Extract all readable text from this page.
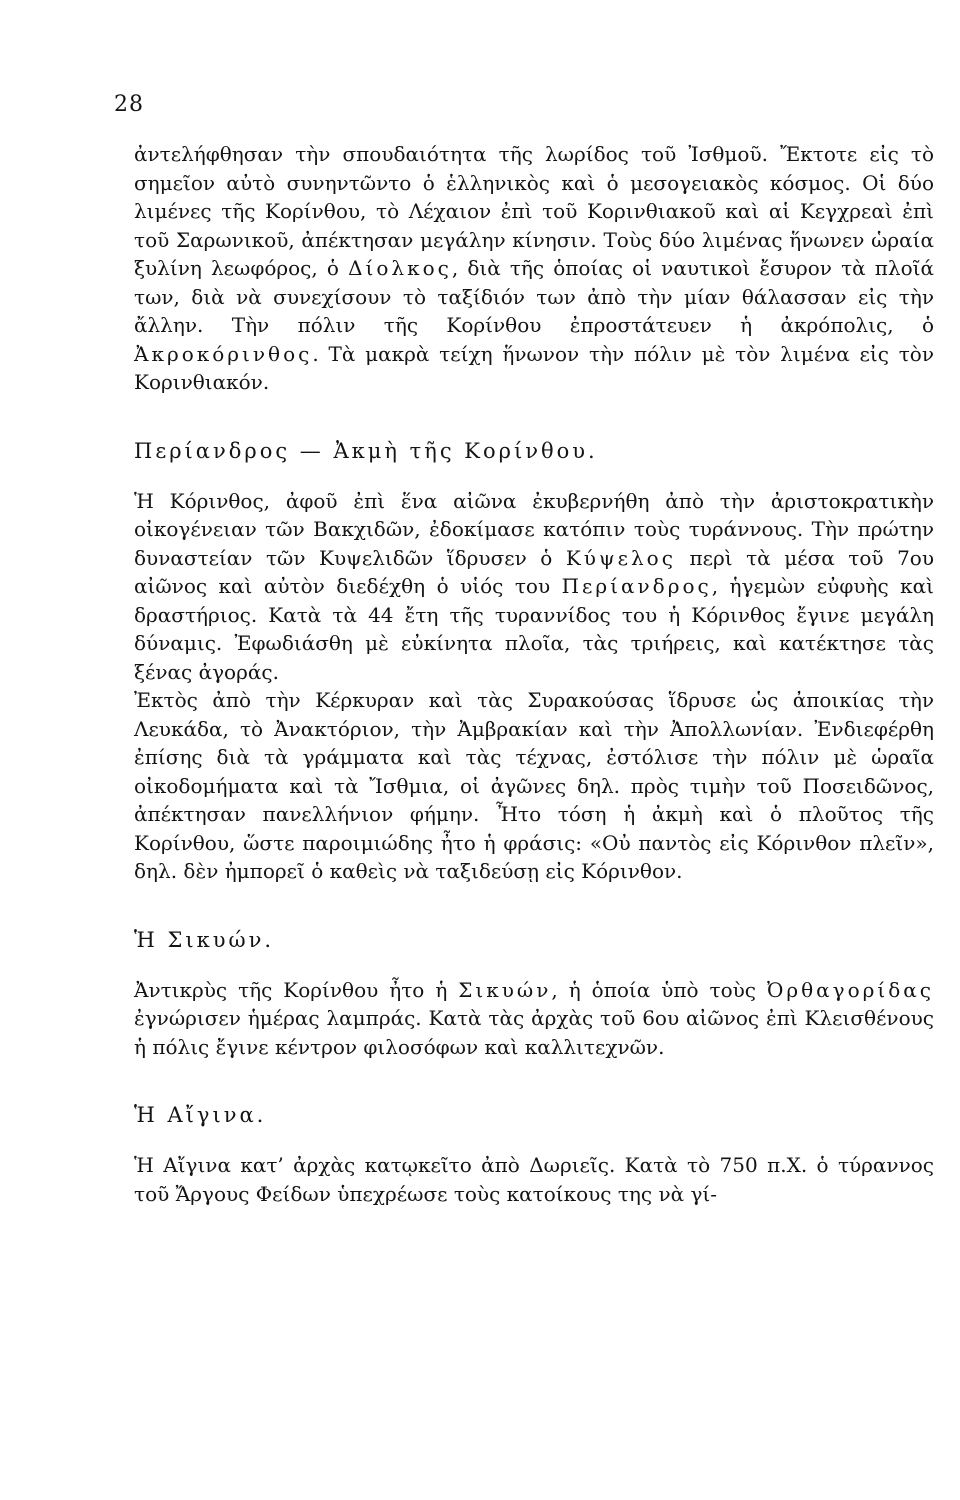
28

ἀντελήφθησαν τὴν σπουδαιότητα τῆς λωρίδος τοῦ Ἰσθμοῦ. Ἔκτοτε εἰς τὸ σημεῖον αὐτὸ συνηντῶντο ὁ ἑλληνικὸς καὶ ὁ μεσογειακὸς κόσμος. Οἱ δύο λιμένες τῆς Κορίνθου, τὸ Λέχαιον ἐπὶ τοῦ Κορινθιακοῦ καὶ αἱ Κεγχρεαὶ ἐπὶ τοῦ Σαρωνικοῦ, ἀπέκτησαν μεγάλην κίνησιν. Τοὺς δύο λιμένας ἥνωνεν ὡραία ξυλίνη λεωφόρος, ὁ Δίολκος, διὰ τῆς ὁποίας οἱ ναυτικοὶ ἔσυρον τὰ πλοῖά των, διὰ νὰ συνεχίσουν τὸ ταξίδιόν των ἀπὸ τὴν μίαν θάλασσαν εἰς τὴν ἄλλην. Τὴν πόλιν τῆς Κορίνθου ἐπροστάτευεν ἡ ἀκρόπολις, ὁ Ἀκροκόρινθος. Τὰ μακρὰ τείχη ἥνωνον τὴν πόλιν μὲ τὸν λιμένα εἰς τὸν Κορινθιακόν.

Περίανδρος — Ἀκμὴ τῆς Κορίνθου.

Ἡ Κόρινθος, ἀφοῦ ἐπὶ ἕνα αἰῶνα ἐκυβερνήθη ἀπὸ τὴν ἀριστοκρατικὴν οἰκογένειαν τῶν Βακχιδῶν, ἐδοκίμασε κατόπιν τοὺς τυράννους. Τὴν πρώτην δυναστείαν τῶν Κυψελιδῶν ἵδρυσεν ὁ Κύψελος περὶ τὰ μέσα τοῦ 7ου αἰῶνος καὶ αὐτὸν διεδέχθη ὁ υἱός του Περίανδρος, ἡγεμὼν εὐφυὴς καὶ δραστήριος. Κατὰ τὰ 44 ἔτη τῆς τυραννίδος του ἡ Κόρινθος ἔγινε μεγάλη δύναμις. Ἐφωδιάσθη μὲ εὐκίνητα πλοῖα, τὰς τριήρεις, καὶ κατέκτησε τὰς ξένας ἀγοράς.

Ἐκτὸς ἀπὸ τὴν Κέρκυραν καὶ τὰς Συρακούσας ἵδρυσε ὡς ἀποικίας τὴν Λευκάδα, τὸ Ἀνακτόριον, τὴν Ἀμβρακίαν καὶ τὴν Ἀπολλωνίαν. Ἐνδιεφέρθη ἐπίσης διὰ τὰ γράμματα καὶ τὰς τέχνας, ἐστόλισε τὴν πόλιν μὲ ὡραῖα οἰκοδομήματα καὶ τὰ Ἴσθμια, οἱ ἀγῶνες δηλ. πρὸς τιμὴν τοῦ Ποσειδῶνος, ἀπέκτησαν πανελλήνιον φήμην. Ἦτο τόση ἡ ἀκμὴ καὶ ὁ πλοῦτος τῆς Κορίνθου, ὥστε παροιμιώδης ἦτο ἡ φράσις: «Οὐ παντὸς εἰς Κόρινθον πλεῖν», δηλ. δὲν ἠμπορεῖ ὁ καθεὶς νὰ ταξιδεύσῃ εἰς Κόρινθον.

Ἡ Σικυών.

Ἀντικρὺς τῆς Κορίνθου ἦτο ἡ Σικυών, ἡ ὁποία ὑπὸ τοὺς Ὀρθαγορίδας ἐγνώρισεν ἡμέρας λαμπράς. Κατὰ τὰς ἀρχὰς τοῦ 6ου αἰῶνος ἐπὶ Κλεισθένους ἡ πόλις ἔγινε κέντρον φιλοσόφων καὶ καλλιτεχνῶν.

Ἡ Αἴγινα.

Ἡ Αἴγινα κατ’ ἀρχὰς κατῳκεῖτο ἀπὸ Δωριεῖς. Κατὰ τὸ 750 π.Χ. ὁ τύραννος τοῦ Ἄργους Φείδων ὑπεχρέωσε τοὺς κατοίκους της νὰ γί-
